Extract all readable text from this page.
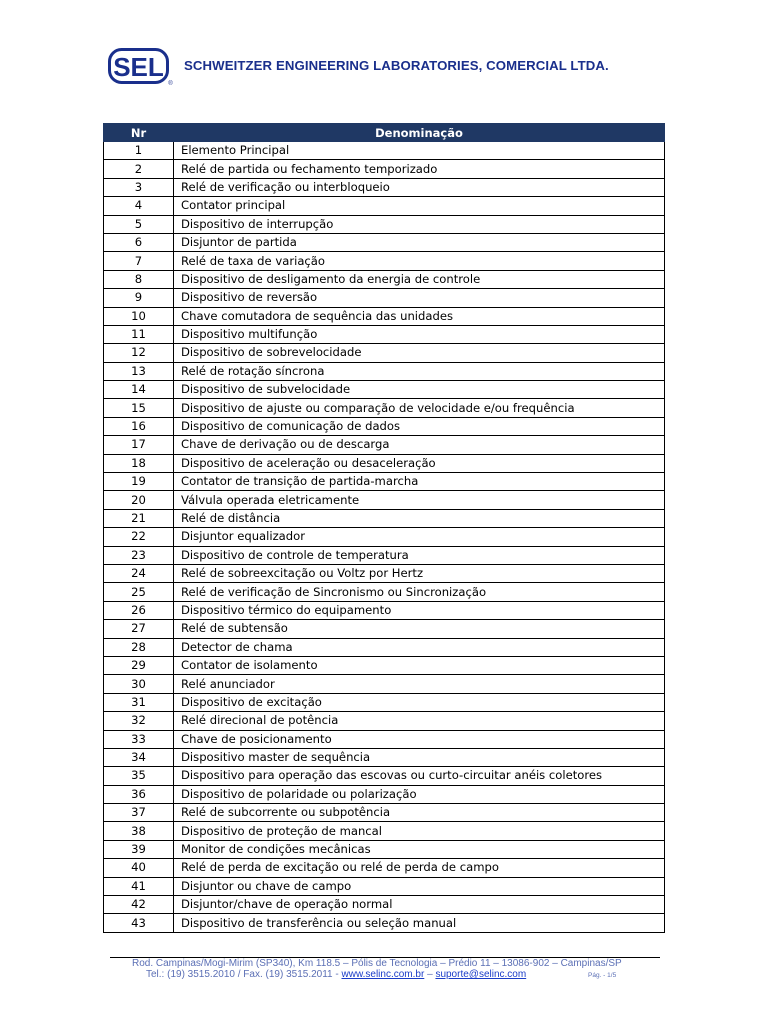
SEL
®
SCHWEITZER ENGINEERING LABORATORIES, COMERCIAL LTDA.
Nr	Denominação
1	Elemento Principal
2	Relé de partida ou fechamento temporizado
3	Relé de verificação ou interbloqueio
4	Contator principal
5	Dispositivo de interrupção
6	Disjuntor de partida
7	Relé de taxa de variação
8	Dispositivo de desligamento da energia de controle
9	Dispositivo de reversão
10	Chave comutadora de sequência das unidades
11	Dispositivo multifunção
12	Dispositivo de sobrevelocidade
13	Relé de rotação síncrona
14	Dispositivo de subvelocidade
15	Dispositivo de ajuste ou comparação de velocidade e/ou frequência
16	Dispositivo de comunicação de dados
17	Chave de derivação ou de descarga
18	Dispositivo de aceleração ou desaceleração
19	Contator de transição de partida-marcha
20	Válvula operada eletricamente
21	Relé de distância
22	Disjuntor equalizador
23	Dispositivo de controle de temperatura
24	Relé de sobreexcitação ou Voltz por Hertz
25	Relé de verificação de Sincronismo ou Sincronização
26	Dispositivo térmico do equipamento
27	Relé de subtensão
28	Detector de chama
29	Contator de isolamento
30	Relé anunciador
31	Dispositivo de excitação
32	Relé direcional de potência
33	Chave de posicionamento
34	Dispositivo master de sequência
35	Dispositivo para operação das escovas ou curto-circuitar anéis coletores
36	Dispositivo de polaridade ou polarização
37	Relé de subcorrente ou subpotência
38	Dispositivo de proteção de mancal
39	Monitor de condições mecânicas
40	Relé de perda de excitação ou relé de perda de campo
41	Disjuntor ou chave de campo
42	Disjuntor/chave de operação normal
43	Dispositivo de transferência ou seleção manual
Rod. Campinas/Mogi-Mirim (SP340), Km 118.5 – Pólis de Tecnologia – Prédio 11 – 13086-902 – Campinas/SP
Tel.: (19) 3515.2010 / Fax. (19) 3515.2011 - www.selinc.com.br – suporte@selinc.com	Pág. - 1/5
